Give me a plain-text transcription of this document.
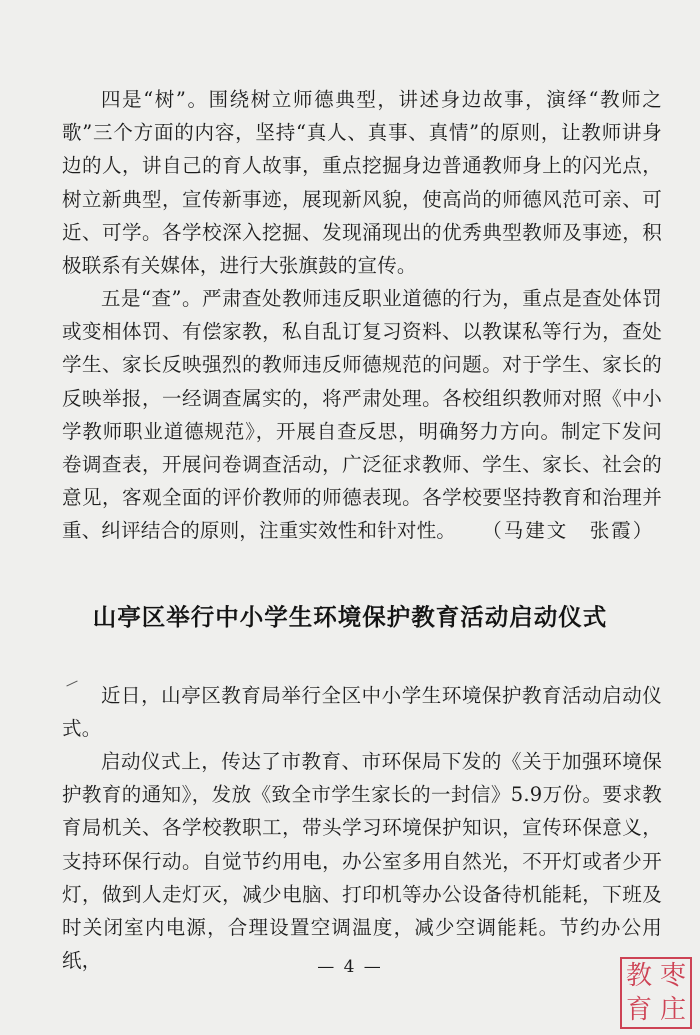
四是“树”。围绕树立师德典型，讲述身边故事，演绎“教师之歌”三个方面的内容，坚持“真人、真事、真情”的原则，让教师讲身边的人，讲自己的育人故事，重点挖掘身边普通教师身上的闪光点，树立新典型，宣传新事迹，展现新风貌，使高尚的师德风范可亲、可近、可学。各学校深入挖掘、发现涌现出的优秀典型教师及事迹，积极联系有关媒体，进行大张旗鼓的宣传。

五是“查”。严肃查处教师违反职业道德的行为，重点是查处体罚或变相体罚、有偿家教，私自乱订复习资料、以教谋私等行为，查处学生、家长反映强烈的教师违反师德规范的问题。对于学生、家长的反映举报，一经调查属实的，将严肃处理。各校组织教师对照《中小学教师职业道德规范》，开展自查反思，明确努力方向。制定下发问卷调查表，开展问卷调查活动，广泛征求教师、学生、家长、社会的意见，客观全面的评价教师的师德表现。各学校要坚持教育和治理并重、纠评结合的原则，注重实效性和针对性。 （马建文　张霞）

山亭区举行中小学生环境保护教育活动启动仪式

近日，山亭区教育局举行全区中小学生环境保护教育活动启动仪式。

启动仪式上，传达了市教育、市环保局下发的《关于加强环境保护教育的通知》，发放《致全市学生家长的一封信》5.9万份。要求教育局机关、各学校教职工，带头学习环境保护知识，宣传环保意义，支持环保行动。自觉节约用电，办公室多用自然光，不开灯或者少开灯，做到人走灯灭，减少电脑、打印机等办公设备待机能耗，下班及时关闭室内电源，合理设置空调温度，减少空调能耗。节约办公用纸，	— 4 —	教 枣
育 庄
